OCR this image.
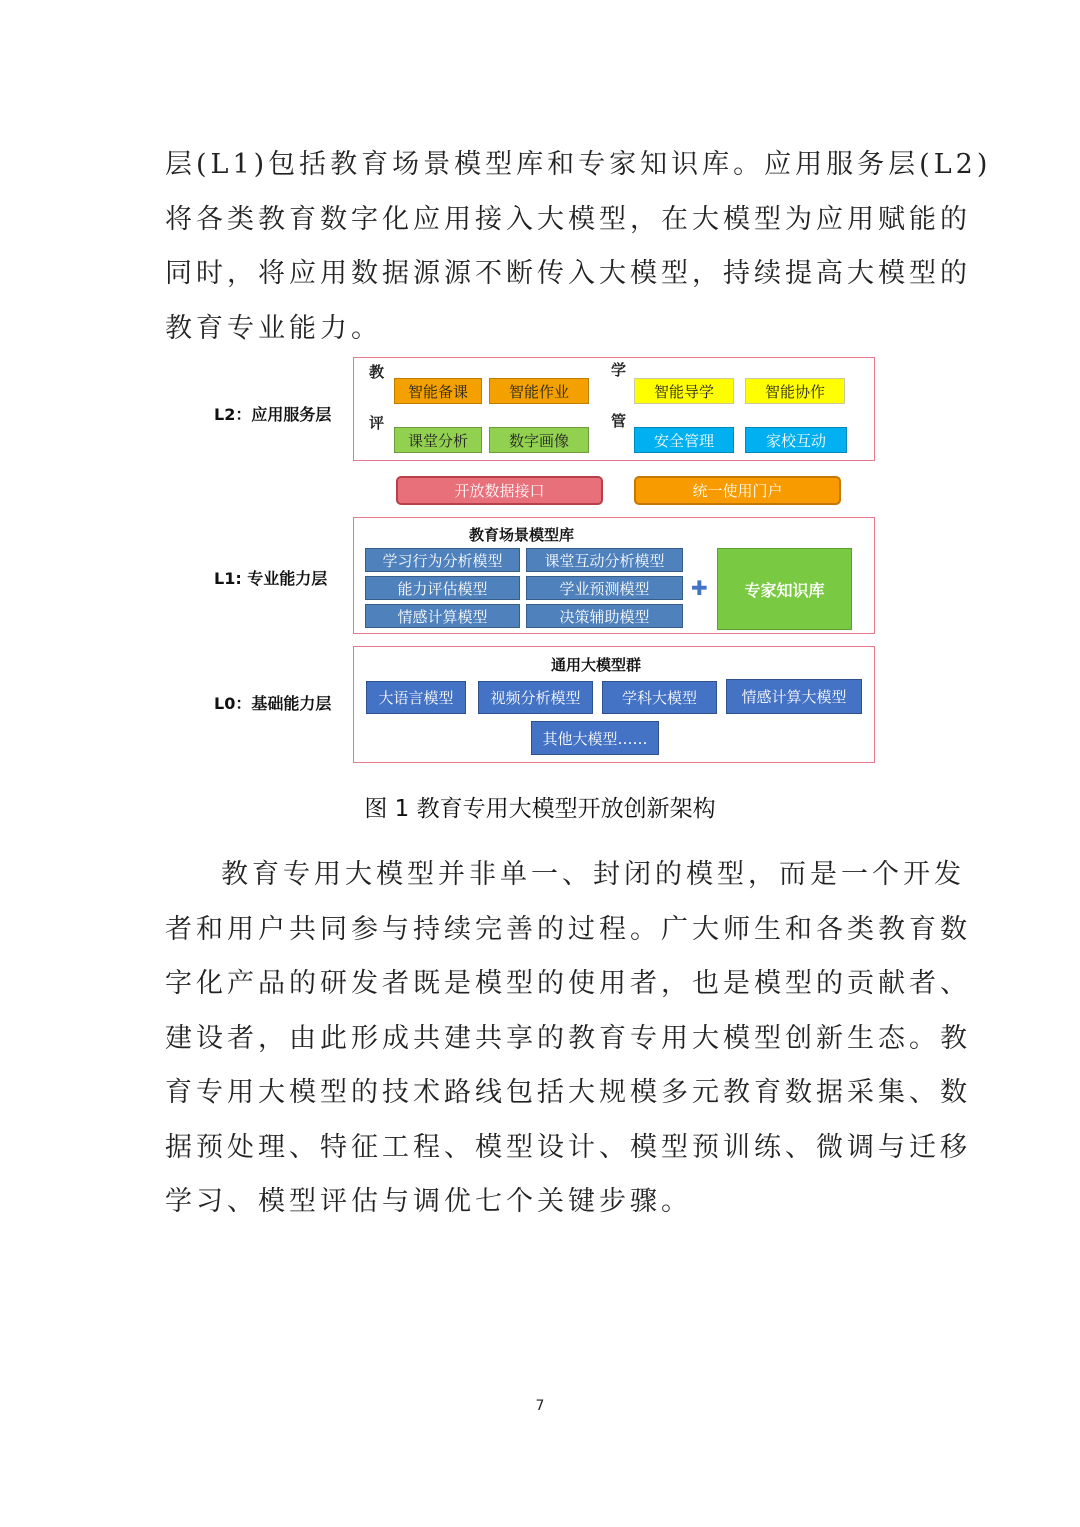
层(L1)包括教育场景模型库和专家知识库。应用服务层(L2)
将各类教育数字化应用接入大模型，在大模型为应用赋能的
同时，将应用数据源源不断传入大模型，持续提高大模型的
教育专业能力。
L2：应用服务层
教	学
评	管
智能备课	智能作业	智能导学	智能协作
课堂分析	数字画像	安全管理	家校互动
开放数据接口	统一使用门户
L1: 专业能力层
教育场景模型库
学习行为分析模型	课堂互动分析模型
能力评估模型	学业预测模型
情感计算模型	决策辅助模型
✚	专家知识库
L0：基础能力层
通用大模型群
大语言模型	视频分析模型	学科大模型	情感计算大模型
其他大模型……
图 1 教育专用大模型开放创新架构
教育专用大模型并非单一、封闭的模型，而是一个开发
者和用户共同参与持续完善的过程。广大师生和各类教育数
字化产品的研发者既是模型的使用者，也是模型的贡献者、
建设者，由此形成共建共享的教育专用大模型创新生态。教
育专用大模型的技术路线包括大规模多元教育数据采集、数
据预处理、特征工程、模型设计、模型预训练、微调与迁移
学习、模型评估与调优七个关键步骤。
7
